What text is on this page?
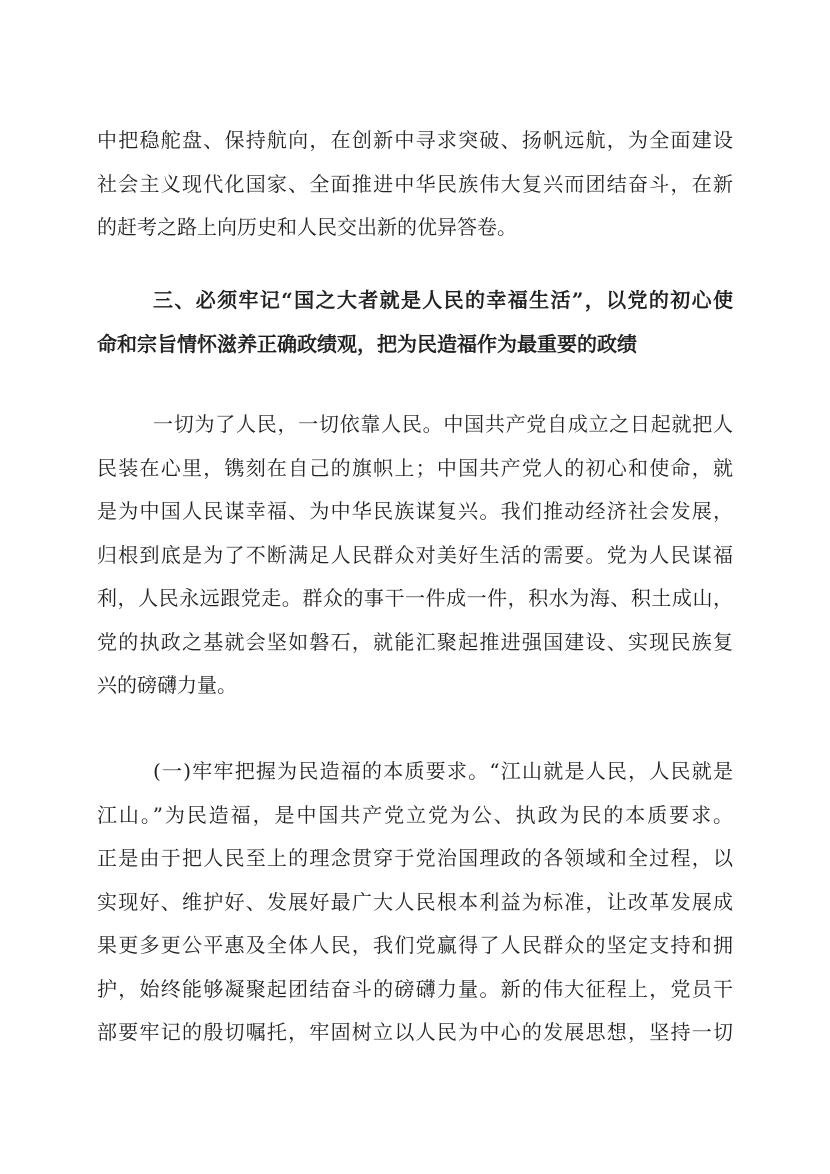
中把稳舵盘、保持航向，在创新中寻求突破、扬帆远航，为全面建设
社会主义现代化国家、全面推进中华民族伟大复兴而团结奋斗，在新
的赶考之路上向历史和人民交出新的优异答卷。
三、必须牢记“国之大者就是人民的幸福生活”，以党的初心使
命和宗旨情怀滋养正确政绩观，把为民造福作为最重要的政绩
一切为了人民，一切依靠人民。中国共产党自成立之日起就把人
民装在心里，镌刻在自己的旗帜上；中国共产党人的初心和使命，就
是为中国人民谋幸福、为中华民族谋复兴。我们推动经济社会发展，
归根到底是为了不断满足人民群众对美好生活的需要。党为人民谋福
利，人民永远跟党走。群众的事干一件成一件，积水为海、积土成山，
党的执政之基就会坚如磐石，就能汇聚起推进强国建设、实现民族复
兴的磅礴力量。
(一)牢牢把握为民造福的本质要求。“江山就是人民，人民就是
江山。”为民造福，是中国共产党立党为公、执政为民的本质要求。
正是由于把人民至上的理念贯穿于党治国理政的各领域和全过程，以
实现好、维护好、发展好最广大人民根本利益为标准，让改革发展成
果更多更公平惠及全体人民，我们党赢得了人民群众的坚定支持和拥
护，始终能够凝聚起团结奋斗的磅礴力量。新的伟大征程上，党员干
部要牢记的殷切嘱托，牢固树立以人民为中心的发展思想，坚持一切
